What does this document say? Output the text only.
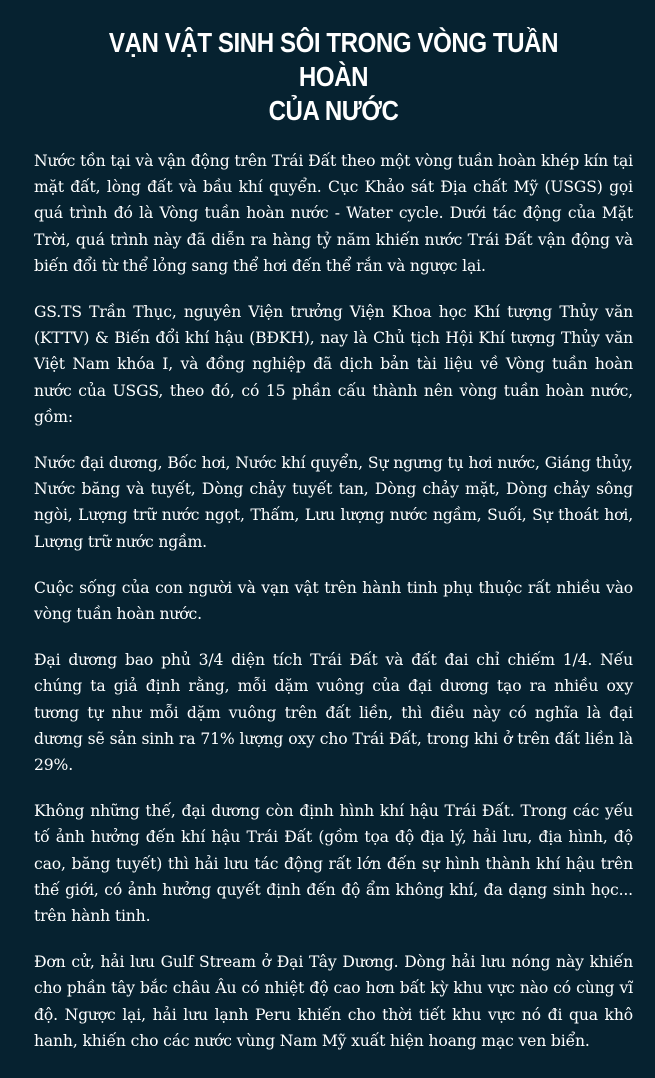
VẠN VẬT SINH SÔI TRONG VÒNG TUẦN HOÀN
CỦA NƯỚC

Nước tồn tại và vận động trên Trái Đất theo một vòng tuần hoàn khép kín tại mặt đất, lòng đất và bầu khí quyển. Cục Khảo sát Địa chất Mỹ (USGS) gọi quá trình đó là Vòng tuần hoàn nước - Water cycle. Dưới tác động của Mặt Trời, quá trình này đã diễn ra hàng tỷ năm khiến nước Trái Đất vận động và biến đổi từ thể lỏng sang thể hơi đến thể rắn và ngược lại.

GS.TS Trần Thục, nguyên Viện trưởng Viện Khoa học Khí tượng Thủy văn (KTTV) & Biến đổi khí hậu (BĐKH), nay là Chủ tịch Hội Khí tượng Thủy văn Việt Nam khóa I, và đồng nghiệp đã dịch bản tài liệu về Vòng tuần hoàn nước của USGS, theo đó, có 15 phần cấu thành nên vòng tuần hoàn nước, gồm:

Nước đại dương, Bốc hơi, Nước khí quyển, Sự ngưng tụ hơi nước, Giáng thủy, Nước băng và tuyết, Dòng chảy tuyết tan, Dòng chảy mặt, Dòng chảy sông ngòi, Lượng trữ nước ngọt, Thấm, Lưu lượng nước ngầm, Suối, Sự thoát hơi, Lượng trữ nước ngầm.

Cuộc sống của con người và vạn vật trên hành tinh phụ thuộc rất nhiều vào vòng tuần hoàn nước.

Đại dương bao phủ 3/4 diện tích Trái Đất và đất đai chỉ chiếm 1/4. Nếu chúng ta giả định rằng, mỗi dặm vuông của đại dương tạo ra nhiều oxy tương tự như mỗi dặm vuông trên đất liền, thì điều này có nghĩa là đại dương sẽ sản sinh ra 71% lượng oxy cho Trái Đất, trong khi ở trên đất liền là 29%.

Không những thế, đại dương còn định hình khí hậu Trái Đất. Trong các yếu tố ảnh hưởng đến khí hậu Trái Đất (gồm tọa độ địa lý, hải lưu, địa hình, độ cao, băng tuyết) thì hải lưu tác động rất lớn đến sự hình thành khí hậu trên thế giới, có ảnh hưởng quyết định đến độ ẩm không khí, đa dạng sinh học... trên hành tinh.

Đơn cử, hải lưu Gulf Stream ở Đại Tây Dương. Dòng hải lưu nóng này khiến cho phần tây bắc châu Âu có nhiệt độ cao hơn bất kỳ khu vực nào có cùng vĩ độ. Ngược lại, hải lưu lạnh Peru khiến cho thời tiết khu vực nó đi qua khô hanh, khiến cho các nước vùng Nam Mỹ xuất hiện hoang mạc ven biển.
